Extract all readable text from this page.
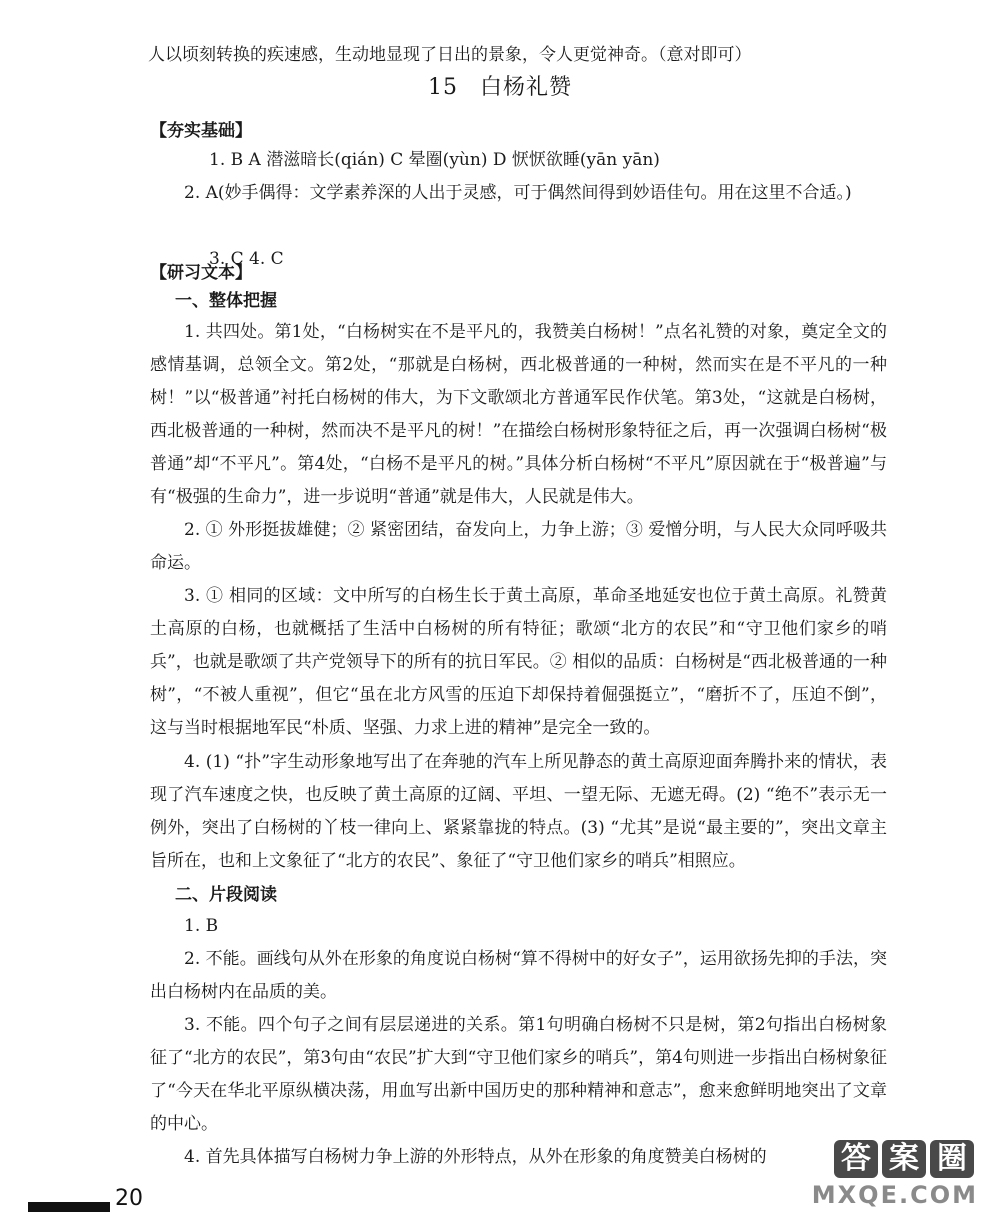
人以顷刻转换的疾速感，生动地显现了日出的景象，令人更觉神奇。（意对即可）

15 白杨礼赞
【夯实基础】

1. B A 潜滋暗长(qián) C 晕圈(yùn) D 恹恹欲睡(yān yān)

2. A(妙手偶得：文学素养深的人出于灵感，可于偶然间得到妙语佳句。用在这里不合适。)

3. C 4. C

【研习文本】
一、整体把握

1. 共四处。第1处，“白杨树实在不是平凡的，我赞美白杨树！”点名礼赞的对象，奠定全文的感情基调，总领全文。第2处，“那就是白杨树，西北极普通的一种树，然而实在是不平凡的一种树！”以“极普通”衬托白杨树的伟大，为下文歌颂北方普通军民作伏笔。第3处，“这就是白杨树，西北极普通的一种树，然而决不是平凡的树！”在描绘白杨树形象特征之后，再一次强调白杨树“极普通”却“不平凡”。第4处，“白杨不是平凡的树。”具体分析白杨树“不平凡”原因就在于“极普遍”与有“极强的生命力”，进一步说明“普通”就是伟大，人民就是伟大。

2. ① 外形挺拔雄健；② 紧密团结，奋发向上，力争上游；③ 爱憎分明，与人民大众同呼吸共命运。

3. ① 相同的区域：文中所写的白杨生长于黄土高原，革命圣地延安也位于黄土高原。礼赞黄土高原的白杨，也就概括了生活中白杨树的所有特征；歌颂“北方的农民”和“守卫他们家乡的哨兵”，也就是歌颂了共产党领导下的所有的抗日军民。② 相似的品质：白杨树是“西北极普通的一种树”，“不被人重视”，但它“虽在北方风雪的压迫下却保持着倔强挺立”，“磨折不了，压迫不倒”，这与当时根据地军民“朴质、坚强、力求上进的精神”是完全一致的。

4. (1) “扑”字生动形象地写出了在奔驰的汽车上所见静态的黄土高原迎面奔腾扑来的情状，表现了汽车速度之快，也反映了黄土高原的辽阔、平坦、一望无际、无遮无碍。(2) “绝不”表示无一例外，突出了白杨树的丫枝一律向上、紧紧靠拢的特点。(3) “尤其”是说“最主要的”，突出文章主旨所在，也和上文象征了“北方的农民”、象征了“守卫他们家乡的哨兵”相照应。

二、片段阅读

1. B

2. 不能。画线句从外在形象的角度说白杨树“算不得树中的好女子”，运用欲扬先抑的手法，突出白杨树内在品质的美。

3. 不能。四个句子之间有层层递进的关系。第1句明确白杨树不只是树，第2句指出白杨树象征了“北方的农民”，第3句由“农民”扩大到“守卫他们家乡的哨兵”，第4句则进一步指出白杨树象征了“今天在华北平原纵横决荡，用血写出新中国历史的那种精神和意志”，愈来愈鲜明地突出了文章的中心。

4. 首先具体描写白杨树力争上游的外形特点，从外在形象的角度赞美白杨树的

20
答 案 圈
MXQE.COM
